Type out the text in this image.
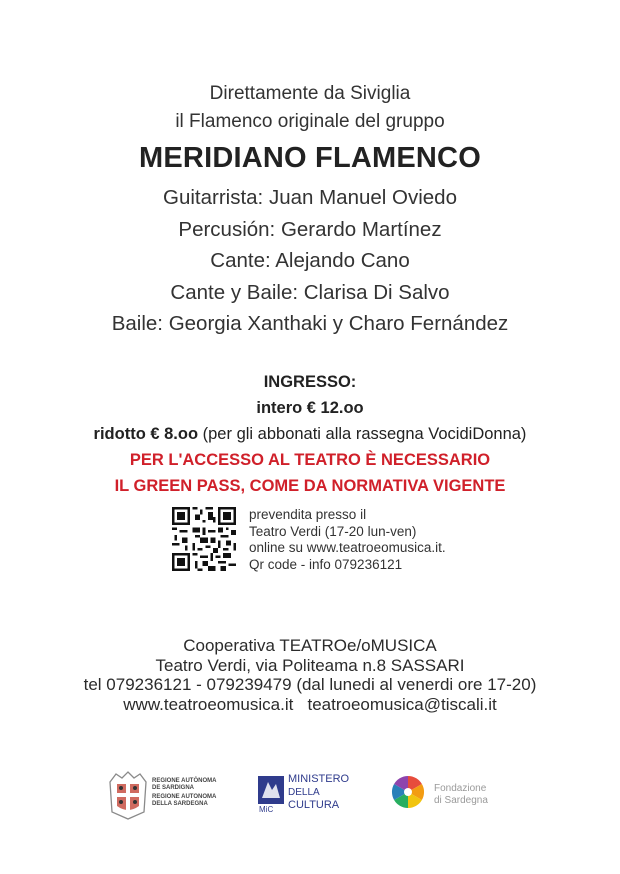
Direttamente da Siviglia
il Flamenco originale del gruppo
MERIDIANO FLAMENCO
Guitarrista: Juan Manuel Oviedo
Percusión: Gerardo Martínez
Cante: Alejando Cano
Cante y Baile: Clarisa Di Salvo
Baile: Georgia Xanthaki y Charo Fernández
INGRESSO:
intero € 12.oo
ridotto € 8.oo (per gli abbonati alla rassegna VocidiDonna)
PER L'ACCESSO AL TEATRO È NECESSARIO
IL GREEN PASS, COME DA NORMATIVA VIGENTE
prevendita presso il
Teatro Verdi (17-20 lun-ven)
online su www.teatroeomusica.it.
Qr code - info 079236121
Cooperativa TEATROe/oMUSICA
Teatro Verdi, via Politeama n.8 SASSARI
tel 079236121 - 079239479 (dal lunedi al venerdi ore 17-20)
www.teatroeomusica.it   teatroeomusica@tiscali.it
REGIONE AUTÒNOMA
DE SARDIGNA
REGIONE AUTONOMA
DELLA SARDEGNA
MiC
MINISTERO
DELLA
CULTURA
Fondazione
di Sardegna
